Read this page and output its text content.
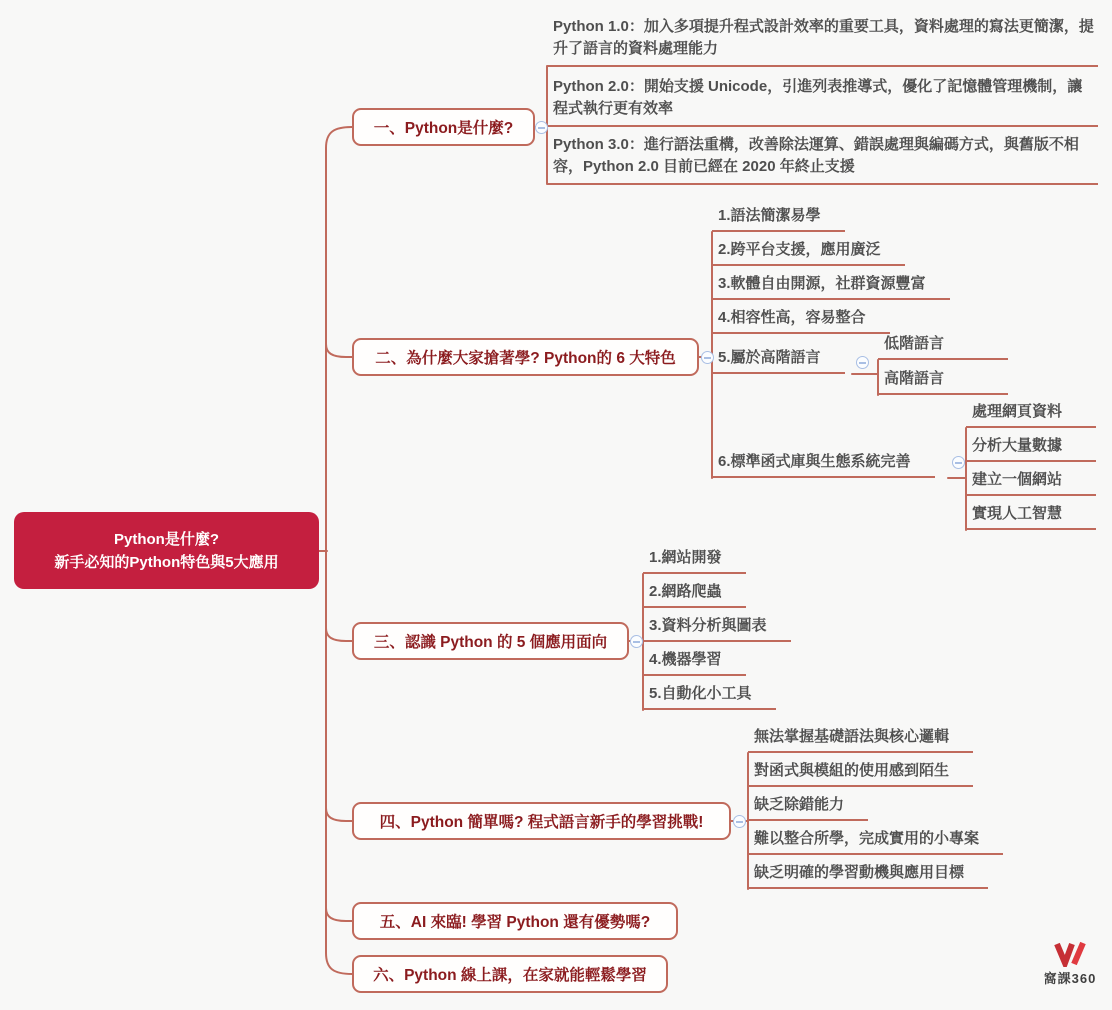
Python是什麼?
新手必知的Python特色與5大應用
一、Python是什麼?
二、為什麼大家搶著學? Python的 6 大特色
三、認識 Python 的 5 個應用面向
四、Python 簡單嗎? 程式語言新手的學習挑戰!
五、AI 來臨! 學習 Python 還有優勢嗎?
六、Python 線上課，在家就能輕鬆學習
Python 1.0：加入多項提升程式設計效率的重要工具，資料處理的寫法更簡潔，提升了語言的資料處理能力
Python 2.0：開始支援 Unicode，引進列表推導式，優化了記憶體管理機制，讓程式執行更有效率
Python 3.0：進行語法重構，改善除法運算、錯誤處理與編碼方式，與舊版不相容，Python 2.0 目前已經在 2020 年終止支援
1.語法簡潔易學
2.跨平台支援，應用廣泛
3.軟體自由開源，社群資源豐富
4.相容性高，容易整合
5.屬於高階語言
6.標準函式庫與生態系統完善
低階語言
高階語言
處理網頁資料
分析大量數據
建立一個網站
實現人工智慧
1.網站開發
2.網路爬蟲
3.資料分析與圖表
4.機器學習
5.自動化小工具
無法掌握基礎語法與核心邏輯
對函式與模組的使用感到陌生
缺乏除錯能力
難以整合所學，完成實用的小專案
缺乏明確的學習動機與應用目標
窩課360
